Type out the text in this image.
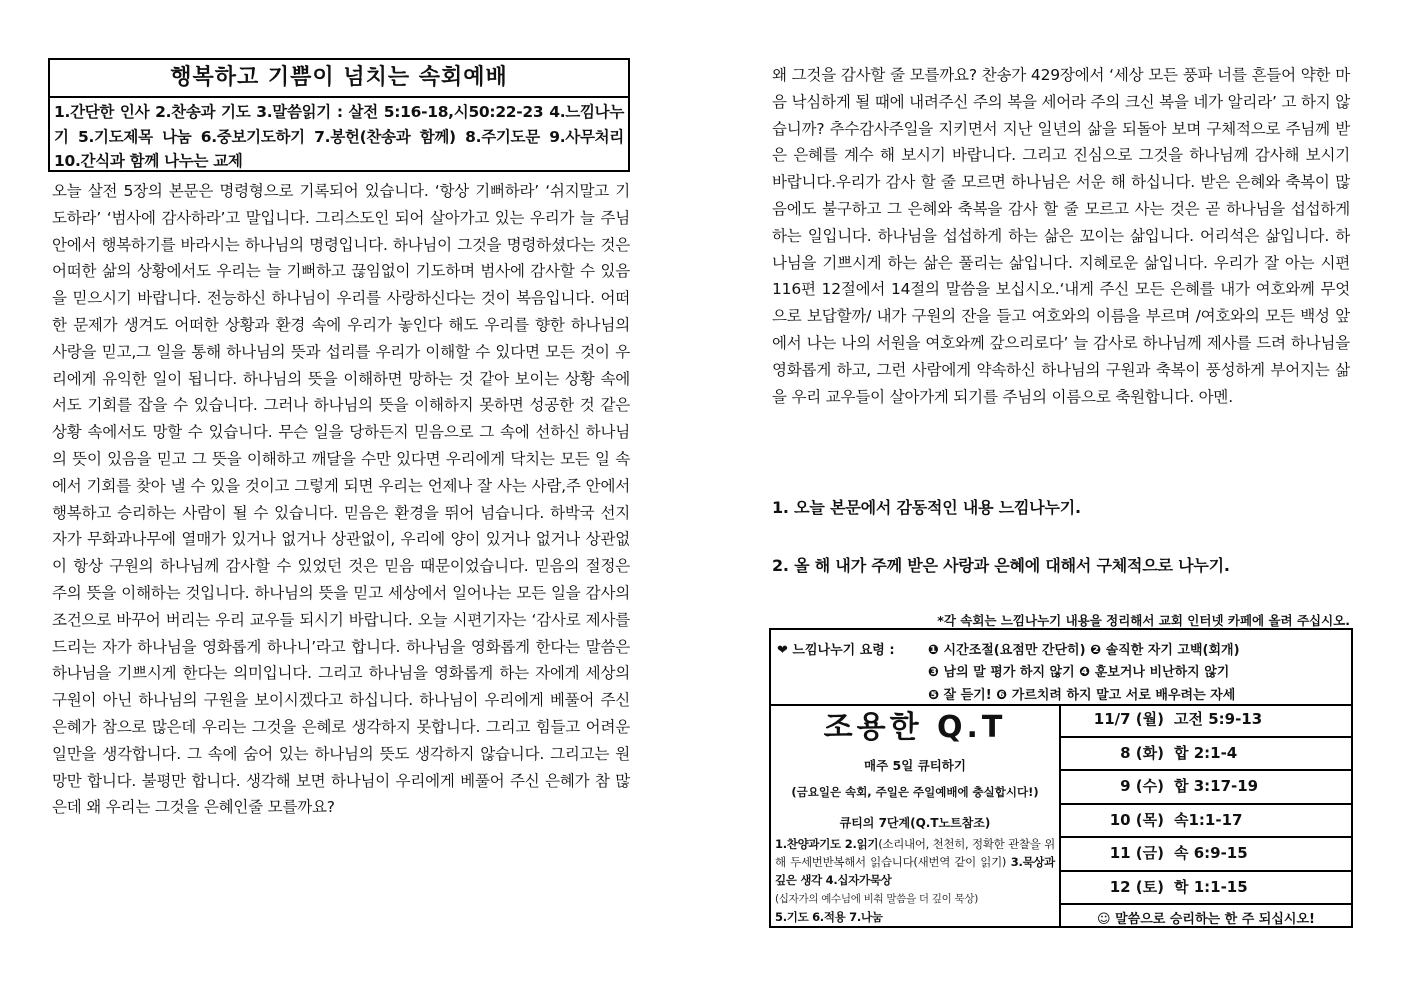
행복하고 기쁨이 넘치는 속회예배
1.간단한 인사 2.찬송과 기도 3.말씀읽기 : 살전 5:16-18,시50:22-23 4.느낌나누기 5.기도제목 나눔 6.중보기도하기 7.봉헌(찬송과 함께) 8.주기도문 9.사무처리 10.간식과 함께 나누는 교제

오늘 살전 5장의 본문은 명령형으로 기록되어 있습니다. ‘항상 기뻐하라’ ‘쉬지말고 기도하라’ ‘범사에 감사하라’고 말입니다. 그리스도인 되어 살아가고 있는 우리가 늘 주님 안에서 행복하기를 바라시는 하나님의 명령입니다. 하나님이 그것을 명령하셨다는 것은 어떠한 삶의 상황에서도 우리는 늘 기뻐하고 끊임없이 기도하며 범사에 감사할 수 있음을 믿으시기 바랍니다. 전능하신 하나님이 우리를 사랑하신다는 것이 복음입니다. 어떠한 문제가 생겨도 어떠한 상황과 환경 속에 우리가 놓인다 해도 우리를 향한 하나님의 사랑을 믿고,그 일을 통해 하나님의 뜻과 섭리를 우리가 이해할 수 있다면 모든 것이 우리에게 유익한 일이 됩니다. 하나님의 뜻을 이해하면 망하는 것 같아 보이는 상황 속에서도 기회를 잡을 수 있습니다. 그러나 하나님의 뜻을 이해하지 못하면 성공한 것 같은 상황 속에서도 망할 수 있습니다. 무슨 일을 당하든지 믿음으로 그 속에 선하신 하나님의 뜻이 있음을 믿고 그 뜻을 이해하고 깨달을 수만 있다면 우리에게 닥치는 모든 일 속에서 기회를 찾아 낼 수 있을 것이고 그렇게 되면 우리는 언제나 잘 사는 사람,주 안에서 행복하고 승리하는 사람이 될 수 있습니다. 믿음은 환경을 뛰어 넘습니다. 하박국 선지자가 무화과나무에 열매가 있거나 없거나 상관없이, 우리에 양이 있거나 없거나 상관없이 항상 구원의 하나님께 감사할 수 있었던 것은 믿음 때문이었습니다. 믿음의 절정은 주의 뜻을 이해하는 것입니다. 하나님의 뜻을 믿고 세상에서 일어나는 모든 일을 감사의 조건으로 바꾸어 버리는 우리 교우들 되시기 바랍니다. 오늘 시편기자는 ‘감사로 제사를 드리는 자가 하나님을 영화롭게 하나니’라고 합니다. 하나님을 영화롭게 한다는 말씀은 하나님을 기쁘시게 한다는 의미입니다. 그리고 하나님을 영화롭게 하는 자에게 세상의 구원이 아닌 하나님의 구원을 보이시겠다고 하십니다. 하나님이 우리에게 베풀어 주신 은혜가 참으로 많은데 우리는 그것을 은혜로 생각하지 못합니다. 그리고 힘들고 어려운 일만을 생각합니다. 그 속에 숨어 있는 하나님의 뜻도 생각하지 않습니다. 그리고는 원망만 합니다. 불평만 합니다. 생각해 보면 하나님이 우리에게 베풀어 주신 은혜가 참 많은데 왜 우리는 그것을 은혜인줄 모를까요?

왜 그것을 감사할 줄 모를까요? 찬송가 429장에서 ‘세상 모든 풍파 너를 흔들어 약한 마음 낙심하게 될 때에 내려주신 주의 복을 세어라 주의 크신 복을 네가 알리라’ 고 하지 않습니까? 추수감사주일을 지키면서 지난 일년의 삶을 되돌아 보며 구체적으로 주님께 받은 은혜를 계수 해 보시기 바랍니다. 그리고 진심으로 그것을 하나님께 감사해 보시기 바랍니다.우리가 감사 할 줄 모르면 하나님은 서운 해 하십니다. 받은 은혜와 축복이 많음에도 불구하고 그 은혜와 축복을 감사 할 줄 모르고 사는 것은 곧 하나님을 섭섭하게 하는 일입니다. 하나님을 섭섭하게 하는 삶은 꼬이는 삶입니다. 어리석은 삶입니다. 하나님을 기쁘시게 하는 삶은 풀리는 삶입니다. 지혜로운 삶입니다. 우리가 잘 아는 시편 116편 12절에서 14절의 말씀을 보십시오.‘내게 주신 모든 은혜를 내가 여호와께 무엇으로 보답할까/ 내가 구원의 잔을 들고 여호와의 이름을 부르며 /여호와의 모든 백성 앞에서 나는 나의 서원을 여호와께 갚으리로다’ 늘 감사로 하나님께 제사를 드려 하나님을 영화롭게 하고, 그런 사람에게 약속하신 하나님의 구원과 축복이 풍성하게 부어지는 삶을 우리 교우들이 살아가게 되기를 주님의 이름으로 축원합니다. 아멘.

1. 오늘 본문에서 감동적인 내용 느낌나누기.

2. 올 해 내가 주께 받은 사랑과 은혜에 대해서 구체적으로 나누기.

*각 속회는 느낌나누기 내용을 정리해서 교회 인터넷 카페에 올려 주십시오.

❤ 느낌나누기 요령 :	❶ 시간조절(요점만 간단히) ❷ 솔직한 자기 고백(회개)
❸ 남의 말 평가 하지 않기 ❹ 훈보거나 비난하지 않기
❺ 잘 듣기! ❻ 가르치려 하지 말고 서로 배우려는 자세

조용한 Q.T

매주 5일 큐티하기

(금요일은 속회, 주일은 주일예배에 충실합시다!)

큐티의 7단계(Q.T노트참조)

1.찬양과기도 2.읽기(소리내어, 천천히, 정확한 관찰을 위해 두세번반복해서 읽습니다(새번역 같이 읽기) 3.묵상과 깊은 생각 4.십자가묵상
(십자가의 예수님에 비춰 말씀을 더 깊이 묵상)
5.기도 6.적용 7.나눔

11/7 (월) 고전 5:9-13
8 (화) 합 2:1-4
9 (수) 합 3:17-19
10 (목) 속1:1-17
11 (금) 속 6:9-15
12 (토) 학 1:1-15
☺ 말씀으로 승리하는 한 주 되십시오!
